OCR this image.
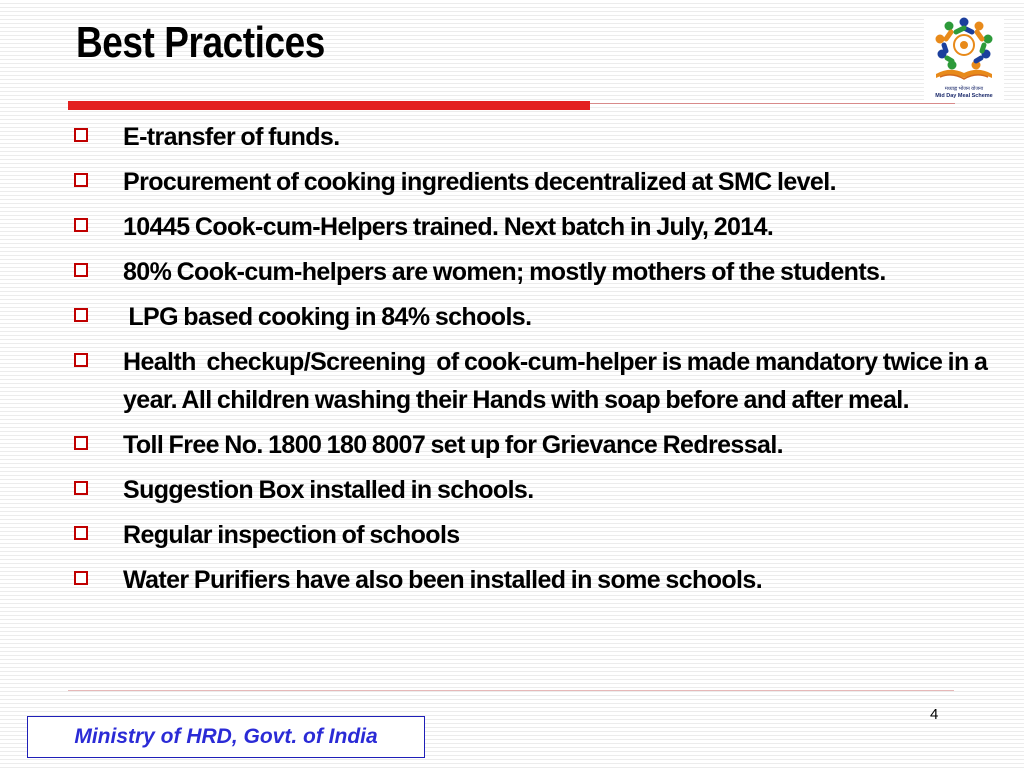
Best Practices
मध्याह्न भोजन योजना
Mid Day Meal Scheme
E-transfer of funds.
Procurement of cooking ingredients decentralized at SMC level.
10445 Cook-cum-Helpers trained. Next batch in July, 2014.
80% Cook-cum-helpers are women; mostly mothers of the students.
LPG based cooking in 84% schools.
Health  checkup/Screening  of cook-cum-helper is made mandatory twice in a year. All children washing their Hands with soap before and after meal.
Toll Free No. 1800 180 8007 set up for Grievance Redressal.
Suggestion Box installed in schools.
Regular inspection of schools
Water Purifiers have also been installed in some schools.
4
Ministry of HRD, Govt. of India
